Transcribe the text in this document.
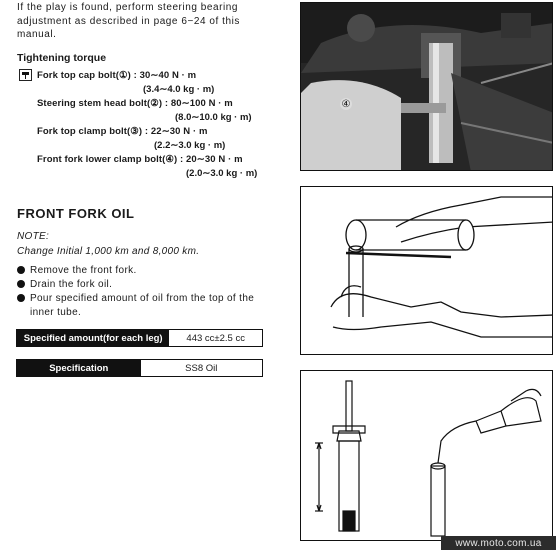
If the play is found, perform steering bearing
adjustment as described in page 6−24 of this
manual.
Tightening torque
Fork top cap bolt(①) : 30∼40 N · m
(3.4∼4.0 kg · m)
Steering stem head bolt(②) : 80∼100 N · m
(8.0∼10.0 kg · m)
Fork top clamp bolt(③) : 22∼30 N · m
(2.2∼3.0 kg · m)
Front fork lower clamp bolt(④) : 20∼30 N · m
(2.0∼3.0 kg · m)
FRONT FORK OIL
NOTE:
Change Initial 1,000 km and 8,000 km.
Remove the front fork.
Drain the fork oil.
Pour specified amount of oil from the top of the
inner tube.
Specified amount(for each leg)	443 cc±2.5 cc
Specification	SS8 Oil
④
www.moto.com.ua
